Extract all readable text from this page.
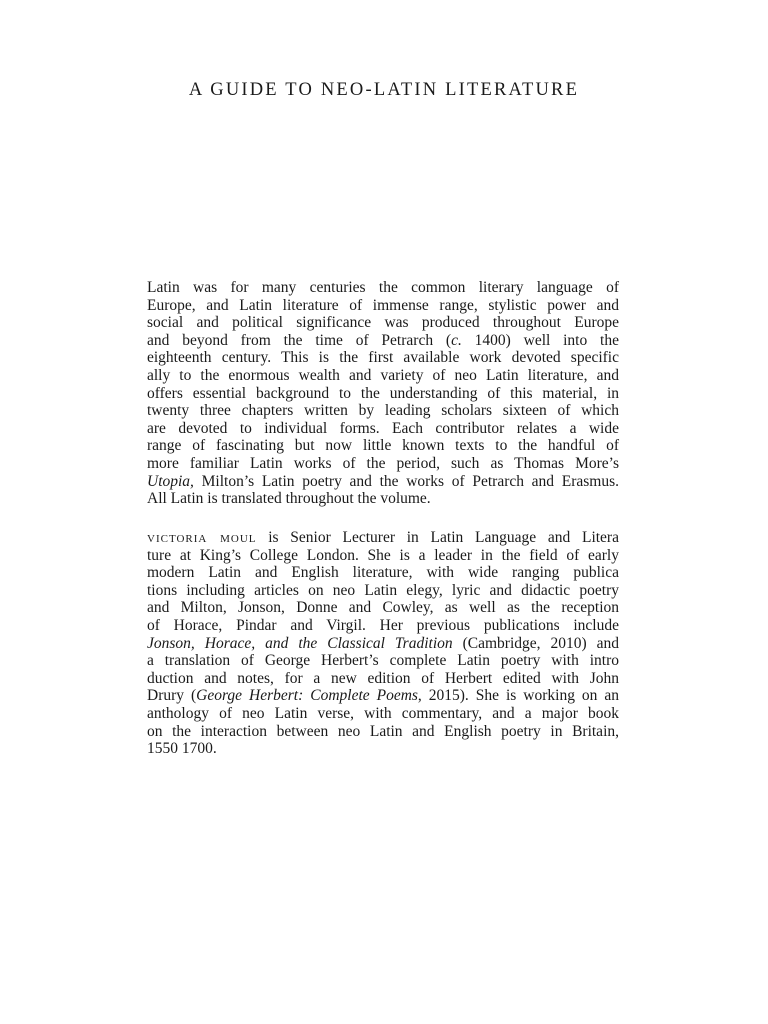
A GUIDE TO NEO-LATIN LITERATURE
Latin was for many centuries the common literary language of
Europe, and Latin literature of immense range, stylistic power and
social and political significance was produced throughout Europe
and beyond from the time of Petrarch (c. 1400) well into the
eighteenth century. This is the first available work devoted specific
ally to the enormous wealth and variety of neo Latin literature, and
offers essential background to the understanding of this material, in
twenty three chapters written by leading scholars sixteen of which
are devoted to individual forms. Each contributor relates a wide
range of fascinating but now little known texts to the handful of
more familiar Latin works of the period, such as Thomas More’s
Utopia, Milton’s Latin poetry and the works of Petrarch and Erasmus.
All Latin is translated throughout the volume.
victoria moul is Senior Lecturer in Latin Language and Litera
ture at King’s College London. She is a leader in the field of early
modern Latin and English literature, with wide ranging publica
tions including articles on neo Latin elegy, lyric and didactic poetry
and Milton, Jonson, Donne and Cowley, as well as the reception
of Horace, Pindar and Virgil. Her previous publications include
Jonson, Horace, and the Classical Tradition (Cambridge, 2010) and
a translation of George Herbert’s complete Latin poetry with intro
duction and notes, for a new edition of Herbert edited with John
Drury (George Herbert: Complete Poems, 2015). She is working on an
anthology of neo Latin verse, with commentary, and a major book
on the interaction between neo Latin and English poetry in Britain,
1550 1700.
